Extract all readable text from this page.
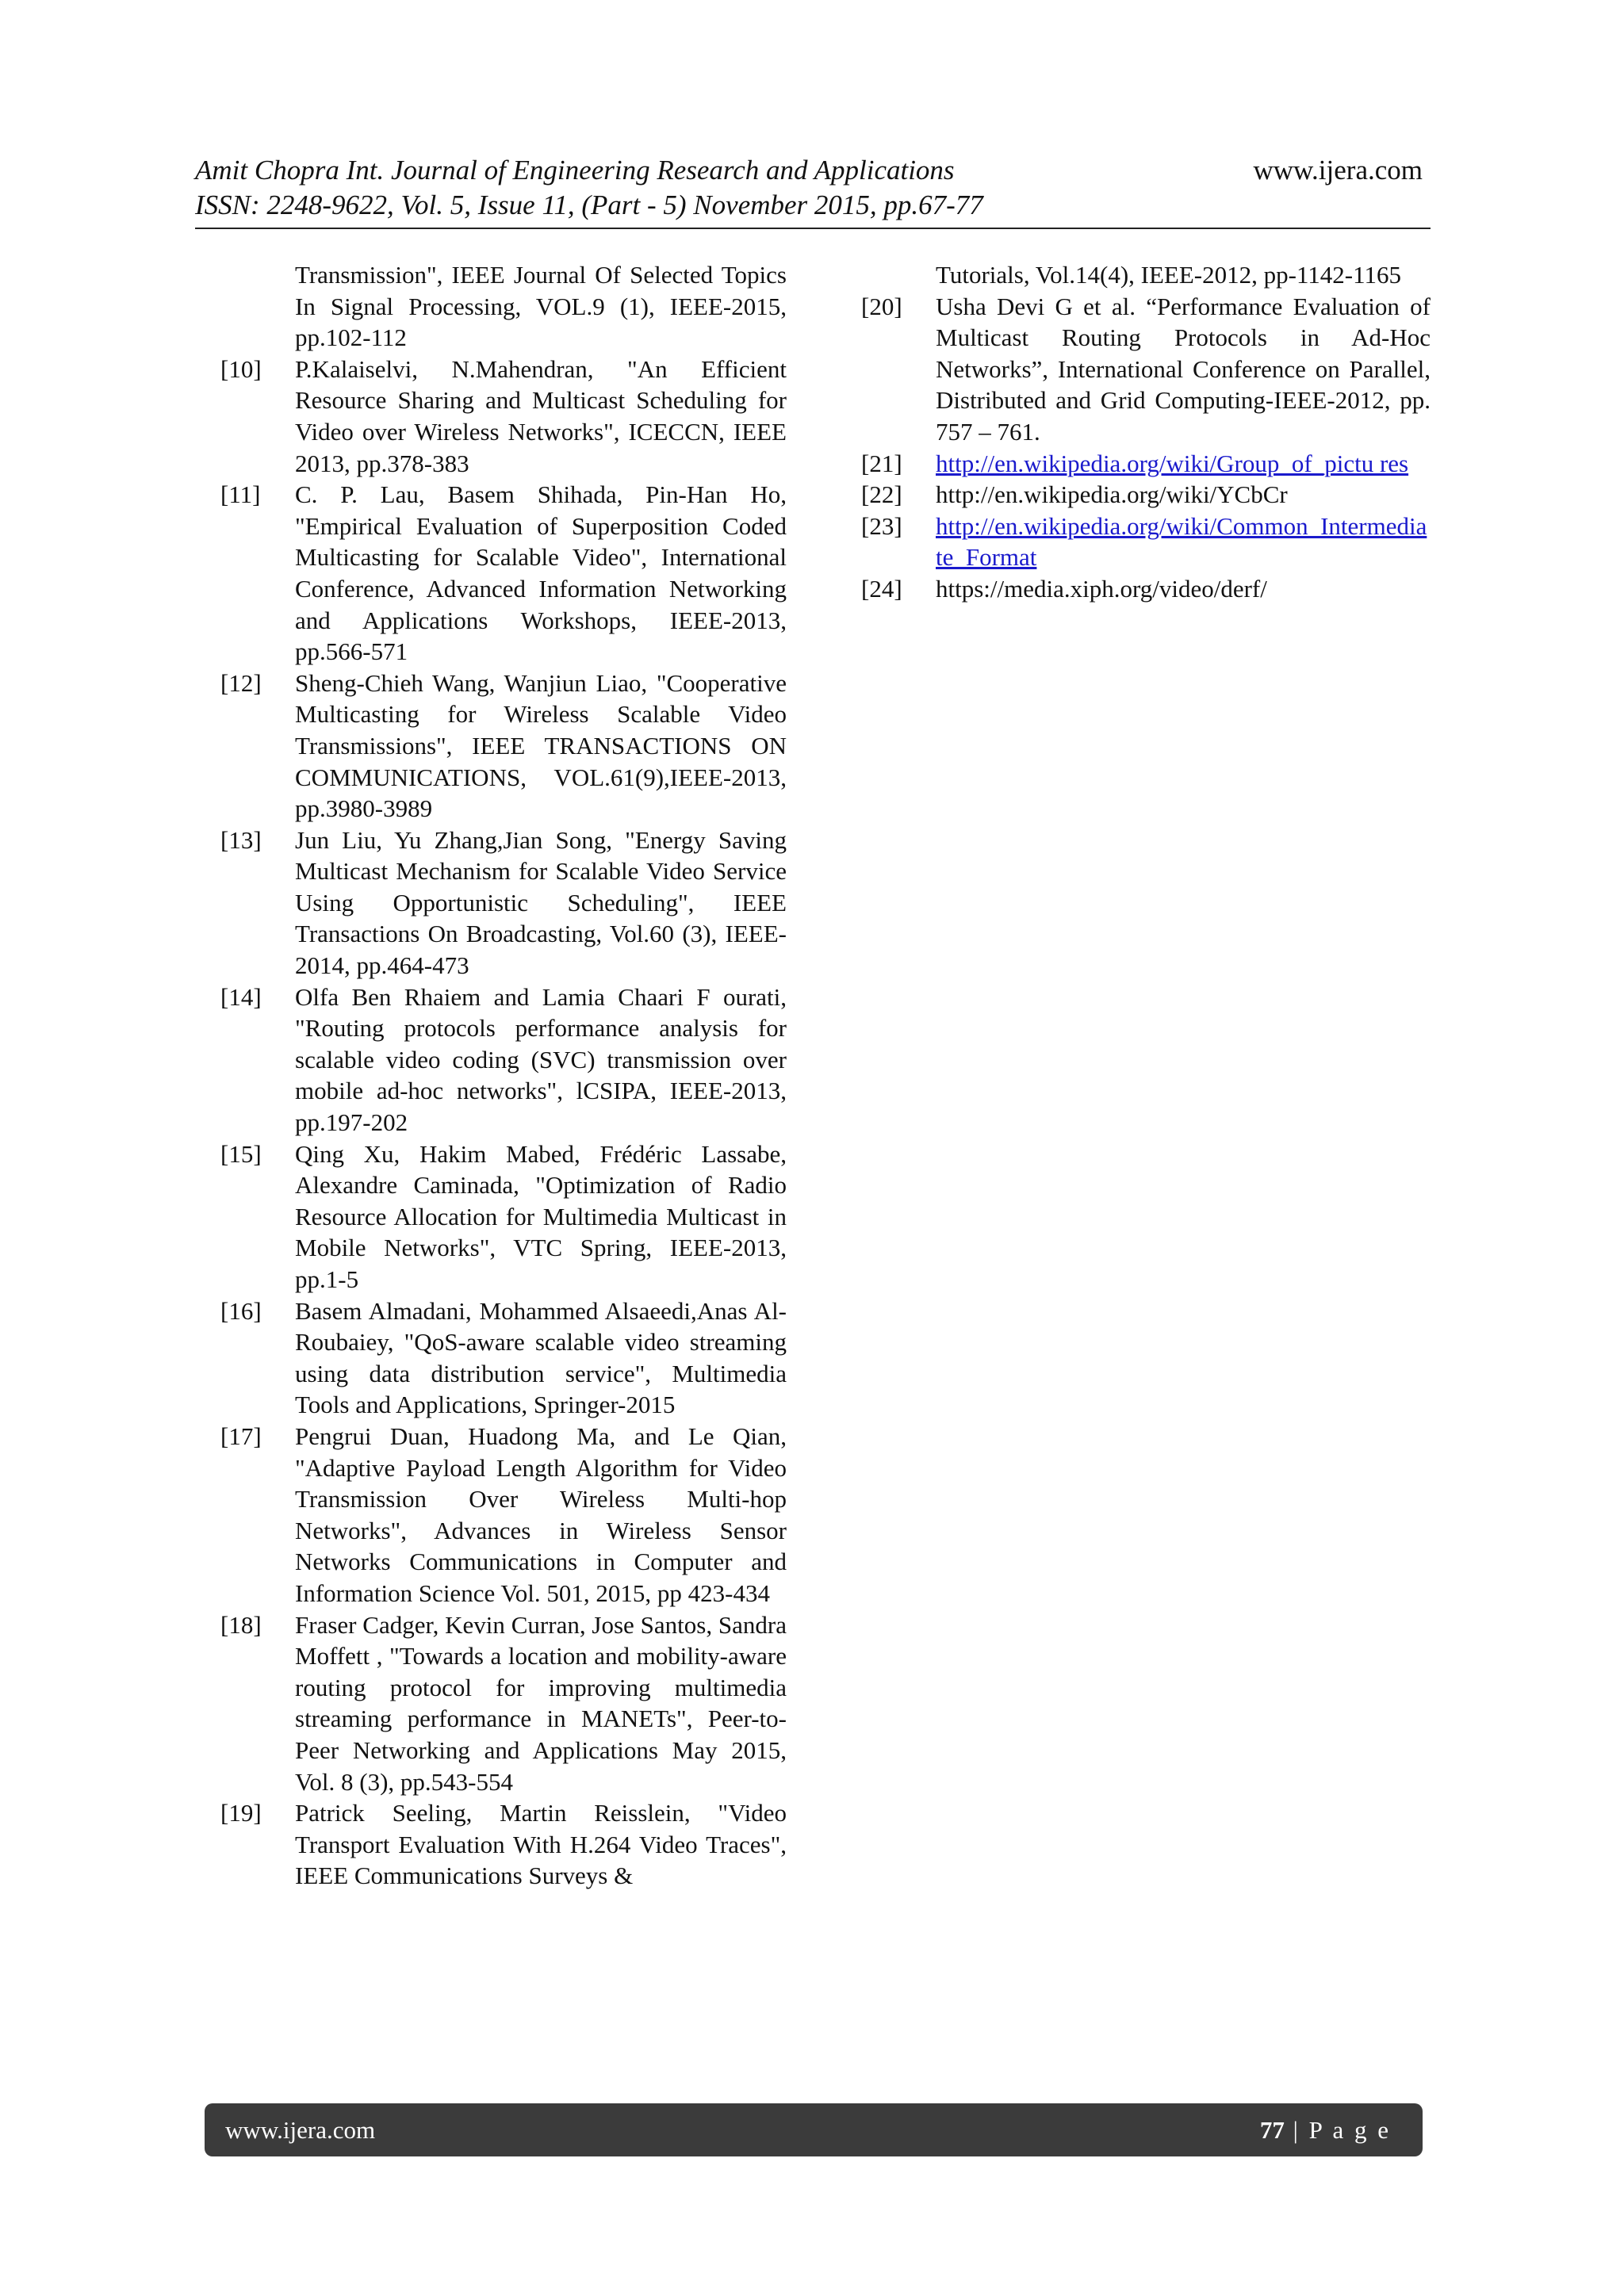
Amit Chopra Int. Journal of Engineering Research and Applications
ISSN: 2248-9622, Vol. 5, Issue 11, (Part - 5) November 2015, pp.67-77
www.ijera.com
Transmission", IEEE Journal Of Selected Topics In Signal Processing, VOL.9 (1), IEEE-2015, pp.102-112
[10]	P.Kalaiselvi, N.Mahendran, "An Efficient Resource Sharing and Multicast Scheduling for Video over Wireless Networks", ICECCN, IEEE 2013, pp.378-383
[11]	C. P. Lau, Basem Shihada, Pin-Han Ho, "Empirical Evaluation of Superposition Coded Multicasting for Scalable Video", International Conference, Advanced Information Networking and Applications Workshops, IEEE-2013, pp.566-571
[12]	Sheng-Chieh Wang, Wanjiun Liao, "Cooperative Multicasting for Wireless Scalable Video Transmissions", IEEE TRANSACTIONS ON COMMUNICATIONS, VOL.61(9),IEEE-2013, pp.3980-3989
[13]	Jun Liu, Yu Zhang,Jian Song, "Energy Saving Multicast Mechanism for Scalable Video Service Using Opportunistic Scheduling", IEEE Transactions On Broadcasting, Vol.60 (3), IEEE-2014, pp.464-473
[14]	Olfa Ben Rhaiem and Lamia Chaari F ourati, "Routing protocols performance analysis for scalable video coding (SVC) transmission over mobile ad-hoc networks", lCSIPA, IEEE-2013, pp.197-202
[15]	Qing Xu, Hakim Mabed, Frédéric Lassabe, Alexandre Caminada, "Optimization of Radio Resource Allocation for Multimedia Multicast in Mobile Networks", VTC Spring, IEEE-2013, pp.1-5
[16]	Basem Almadani, Mohammed Alsaeedi,Anas Al-Roubaiey, "QoS-aware scalable video streaming using data distribution service", Multimedia Tools and Applications, Springer-2015
[17]	Pengrui Duan, Huadong Ma, and Le Qian, "Adaptive Payload Length Algorithm for Video Transmission Over Wireless Multi-hop Networks", Advances in Wireless Sensor Networks Communications in Computer and Information Science Vol. 501, 2015, pp 423-434
[18]	Fraser Cadger, Kevin Curran, Jose Santos, Sandra Moffett , "Towards a location and mobility-aware routing protocol for improving multimedia streaming performance in MANETs", Peer-to-Peer Networking and Applications May 2015, Vol. 8 (3), pp.543-554
[19]	Patrick Seeling, Martin Reisslein, "Video Transport Evaluation With H.264 Video Traces", IEEE Communications Surveys &
Tutorials, Vol.14(4), IEEE-2012, pp-1142-1165
[20]	Usha Devi G et al. “Performance Evaluation of Multicast Routing Protocols in Ad-Hoc Networks”, International Conference on Parallel, Distributed and Grid Computing-IEEE-2012, pp. 757 – 761.
[21]	http://en.wikipedia.org/wiki/Group_of_pictu res
[22]	http://en.wikipedia.org/wiki/YCbCr
[23]	http://en.wikipedia.org/wiki/Common_Intermediate_Format
[24]	https://media.xiph.org/video/derf/
www.ijera.com	77 | P a g e
